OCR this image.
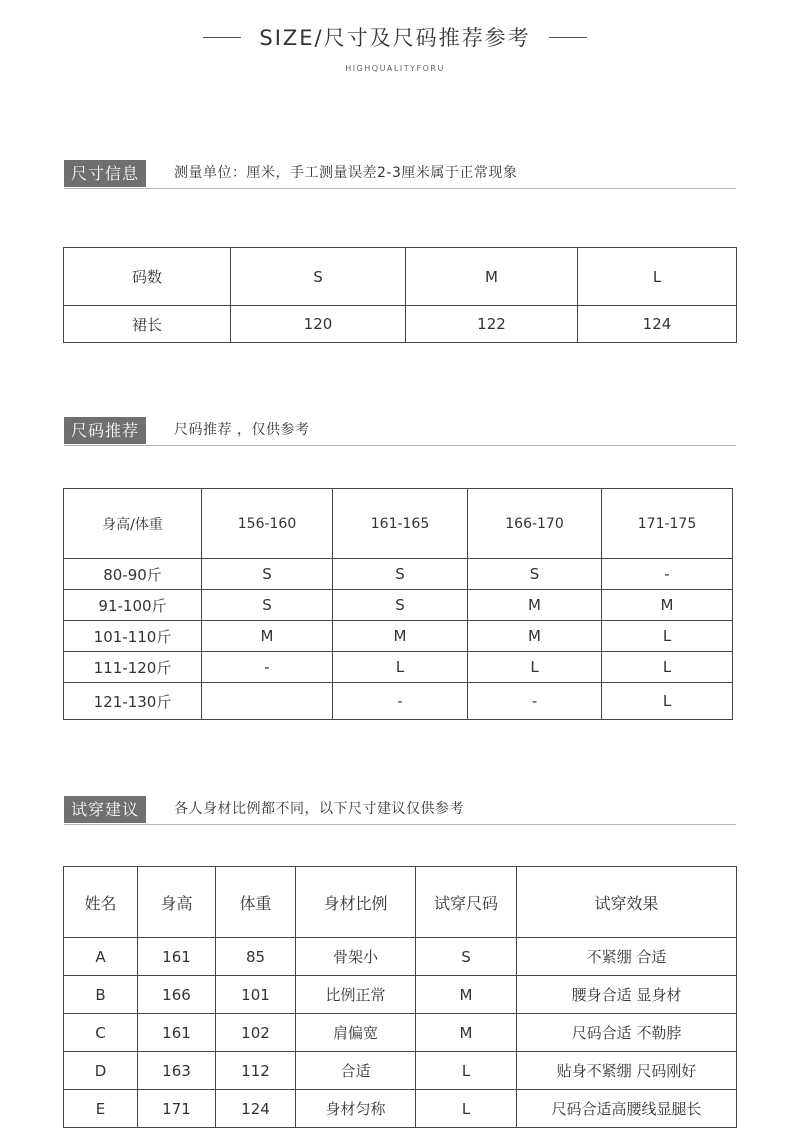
SIZE/尺寸及尺码推荐参考
HIGHQUALITYFORU
尺寸信息	测量单位：厘米，手工测量误差2-3厘米属于正常现象
码数	S	M	L
裙长	120	122	124
尺码推荐	尺码推荐 ，仅供参考
身高/体重	156-160	161-165	166-170	171-175
80-90斤	S	S	S	-
91-100斤	S	S	M	M
101-110斤	M	M	M	L
111-120斤	-	L	L	L
121-130斤		-	-	L
试穿建议	各人身材比例都不同，以下尺寸建议仅供参考
姓名	身高	体重	身材比例	试穿尺码	试穿效果
A	161	85	骨架小	S	不紧绷 合适
B	166	101	比例正常	M	腰身合适 显身材
C	161	102	肩偏宽	M	尺码合适 不勒脖
D	163	112	合适	L	贴身不紧绷 尺码刚好
E	171	124	身材匀称	L	尺码合适高腰线显腿长
